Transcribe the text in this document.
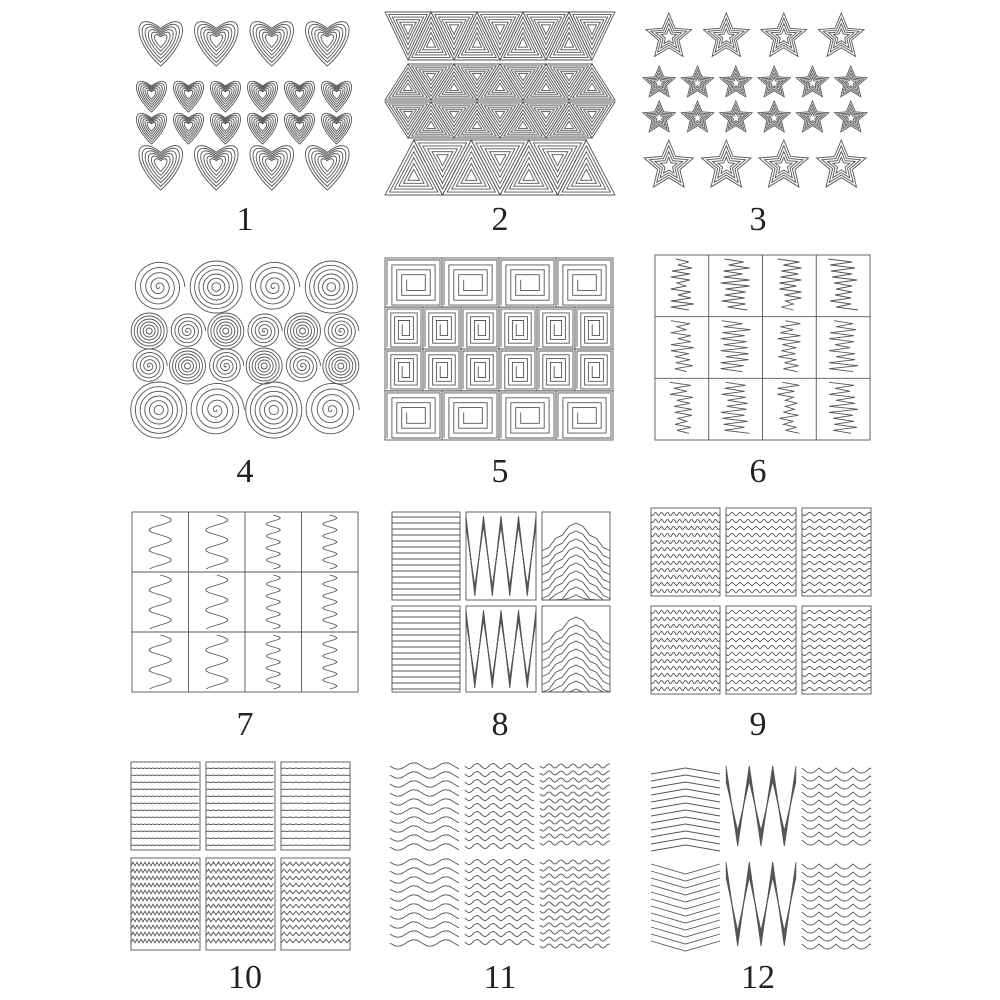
1	2	3
4	5	6
7	8	9
10	11	12
